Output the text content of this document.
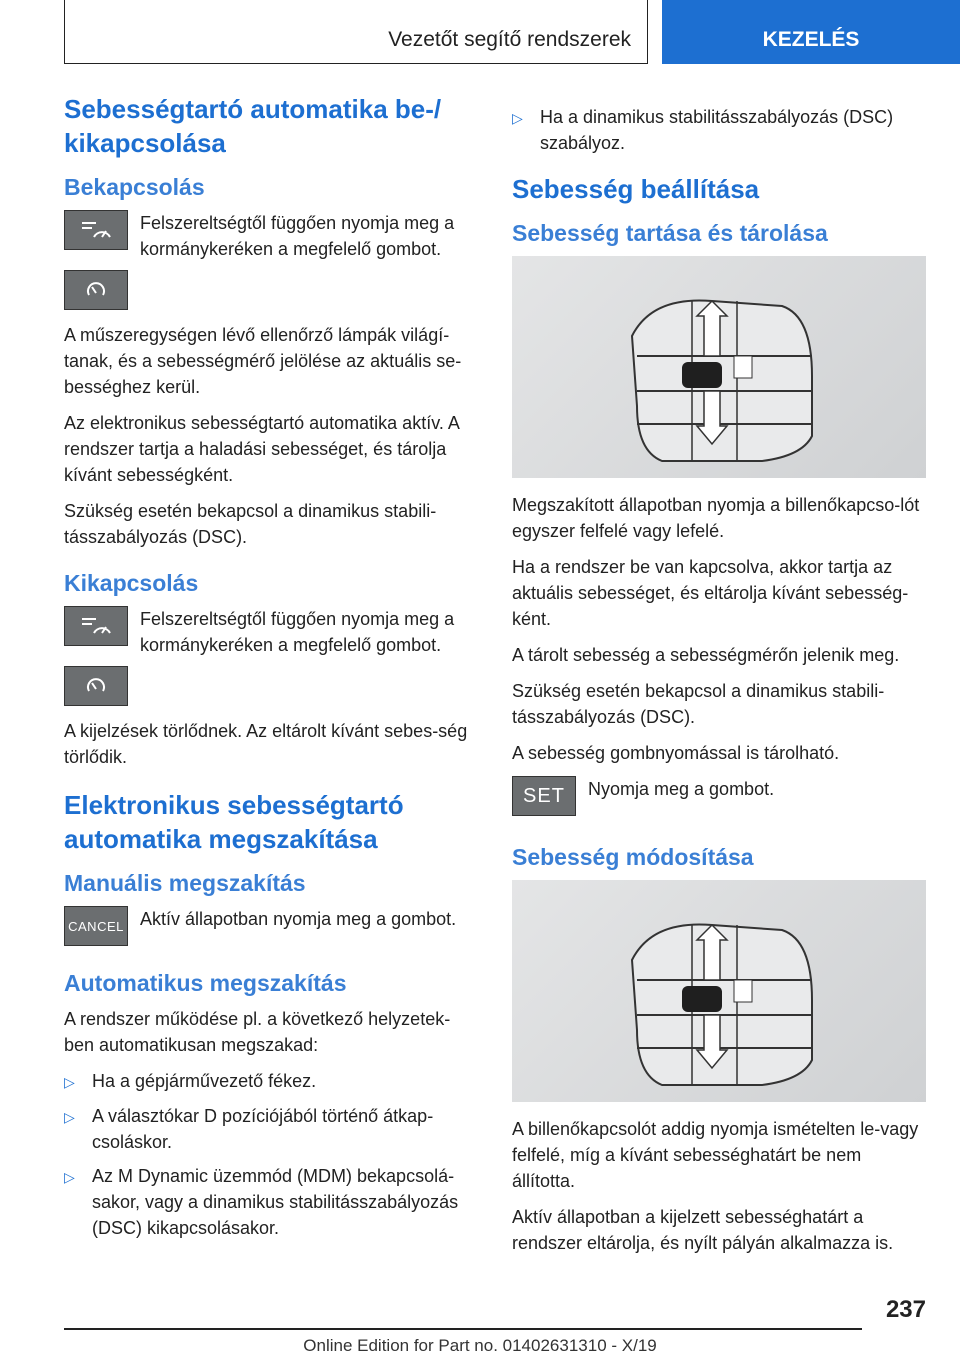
Vezetőt segítő rendszerek	KEZELÉS
Sebességtartó automatika be‑/ kikapcsolása
Bekapcsolás
Felszereltségtől függően nyomja meg a kormánykeréken a megfelelő gombot.

A műszeregységen lévő ellenőrző lámpák világí-tanak, és a sebességmérő jelölése az aktuális se-bességhez kerül.

Az elektronikus sebességtartó automatika aktív. A rendszer tartja a haladási sebességet, és tárolja kívánt sebességként.

Szükség esetén bekapcsol a dinamikus stabili-tásszabályozás (DSC).

Kikapcsolás
Felszereltségtől függően nyomja meg a kormánykeréken a megfelelő gombot.

A kijelzések törlődnek. Az eltárolt kívánt sebes-ség törlődik.

Elektronikus sebességtartó automatika megszakítása
Manuális megszakítás
CANCEL Aktív állapotban nyomja meg a gombot.
Automatikus megszakítás

A rendszer működése pl. a következő helyzetek-ben automatikusan megszakad:

▷ Ha a gépjárművezető fékez.
▷ A választókar D pozíciójából történő átkap-csoláskor.
▷ Az M Dynamic üzemmód (MDM) bekapcsolá-sakor, vagy a dinamikus stabilitásszabályozás (DSC) kikapcsolásakor.
▷ Ha a dinamikus stabilitásszabályozás (DSC) szabályoz.
Sebesség beállítása
Sebesség tartása és tárolása

Megszakított állapotban nyomja a billenőkapcso-lót egyszer felfelé vagy lefelé.

Ha a rendszer be van kapcsolva, akkor tartja az aktuális sebességet, és eltárolja kívánt sebesség-ként.

A tárolt sebesség a sebességmérőn jelenik meg.

Szükség esetén bekapcsol a dinamikus stabili-tásszabályozás (DSC).

A sebesség gombnyomással is tárolható.

SET Nyomja meg a gombot.
Sebesség módosítása

A billenőkapcsolót addig nyomja ismételten le-vagy felfelé, míg a kívánt sebességhatárt be nem állította.

Aktív állapotban a kijelzett sebességhatárt a rendszer eltárolja, és nyílt pályán alkalmazza is.

237
Online Edition for Part no. 01402631310 - X/19
